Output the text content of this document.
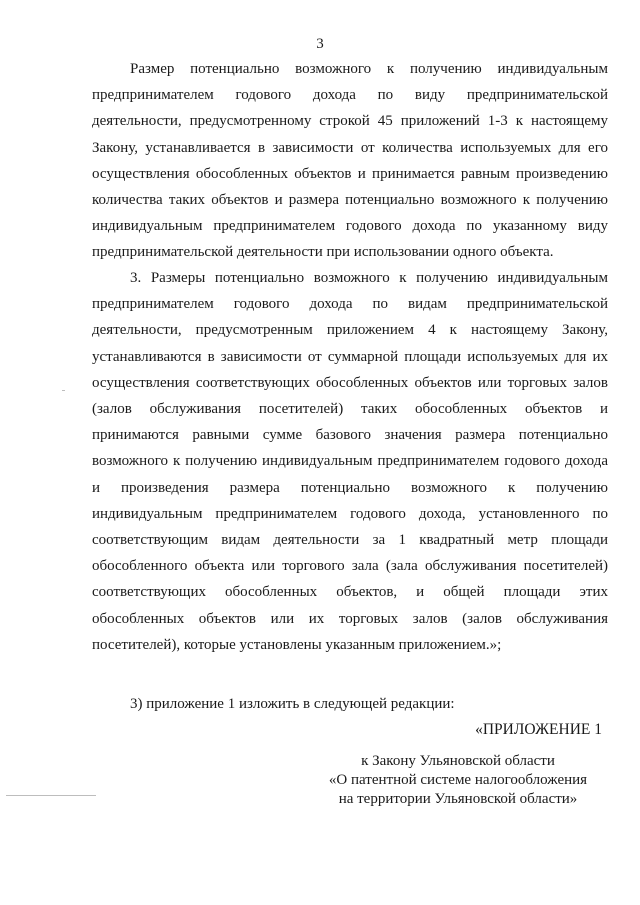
3

Размер потенциально возможного к получению индивидуальным предпринимателем годового дохода по виду предпринимательской деятельности, предусмотренному строкой 45 приложений 1-3 к настоящему Закону, устанавливается в зависимости от количества используемых для его осуществления обособленных объектов и принимается равным произведению количества таких объектов и размера потенциально возможного к получению индивидуальным предпринимателем годового дохода по указанному виду предпринимательской деятельности при использовании одного объекта.

3. Размеры потенциально возможного к получению индивидуальным предпринимателем годового дохода по видам предпринимательской деятельности, предусмотренным приложением 4 к настоящему Закону, устанавливаются в зависимости от суммарной площади используемых для их осуществления соответствующих обособленных объектов или торговых залов (залов обслуживания посетителей) таких обособленных объектов и принимаются равными сумме базового значения размера потенциально возможного к получению индивидуальным предпринимателем годового дохода и произведения размера потенциально возможного к получению индивидуальным предпринимателем годового дохода, установленного по соответствующим видам деятельности за 1 квадратный метр площади обособленного объекта или торгового зала (зала обслуживания посетителей) соответствующих обособленных объектов, и общей площади этих обособленных объектов или их торговых залов (залов обслуживания посетителей), которые установлены указанным приложением.»;

3) приложение 1 изложить в следующей редакции:

«ПРИЛОЖЕНИЕ 1
к Закону Ульяновской области
«О патентной системе налогообложения
на территории Ульяновской области»
